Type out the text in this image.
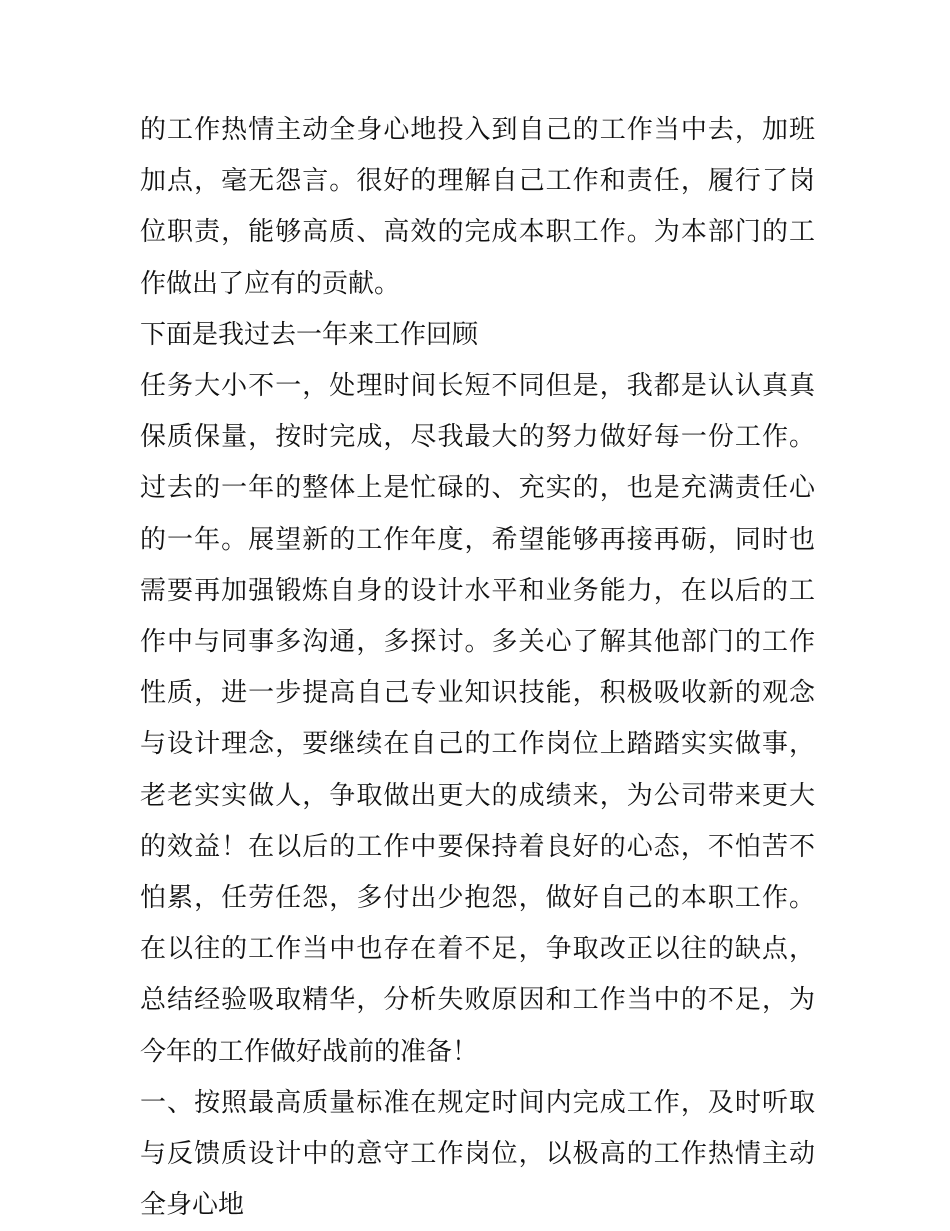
的工作热情主动全身心地投入到自己的工作当中去，加班加点，毫无怨言。很好的理解自己工作和责任，履行了岗位职责，能够高质、高效的完成本职工作。为本部门的工作做出了应有的贡献。

下面是我过去一年来工作回顾

任务大小不一，处理时间长短不同但是，我都是认认真真保质保量，按时完成，尽我最大的努力做好每一份工作。过去的一年的整体上是忙碌的、充实的，也是充满责任心的一年。展望新的工作年度，希望能够再接再砺，同时也需要再加强锻炼自身的设计水平和业务能力，在以后的工作中与同事多沟通，多探讨。多关心了解其他部门的工作性质，进一步提高自己专业知识技能，积极吸收新的观念与设计理念，要继续在自己的工作岗位上踏踏实实做事，老老实实做人，争取做出更大的成绩来，为公司带来更大的效益！在以后的工作中要保持着良好的心态，不怕苦不怕累，任劳任怨，多付出少抱怨，做好自己的本职工作。在以往的工作当中也存在着不足，争取改正以往的缺点，总结经验吸取精华，分析失败原因和工作当中的不足，为今年的工作做好战前的准备！

一、按照最高质量标准在规定时间内完成工作，及时听取与反馈质设计中的意守工作岗位，以极高的工作热情主动全身心地
